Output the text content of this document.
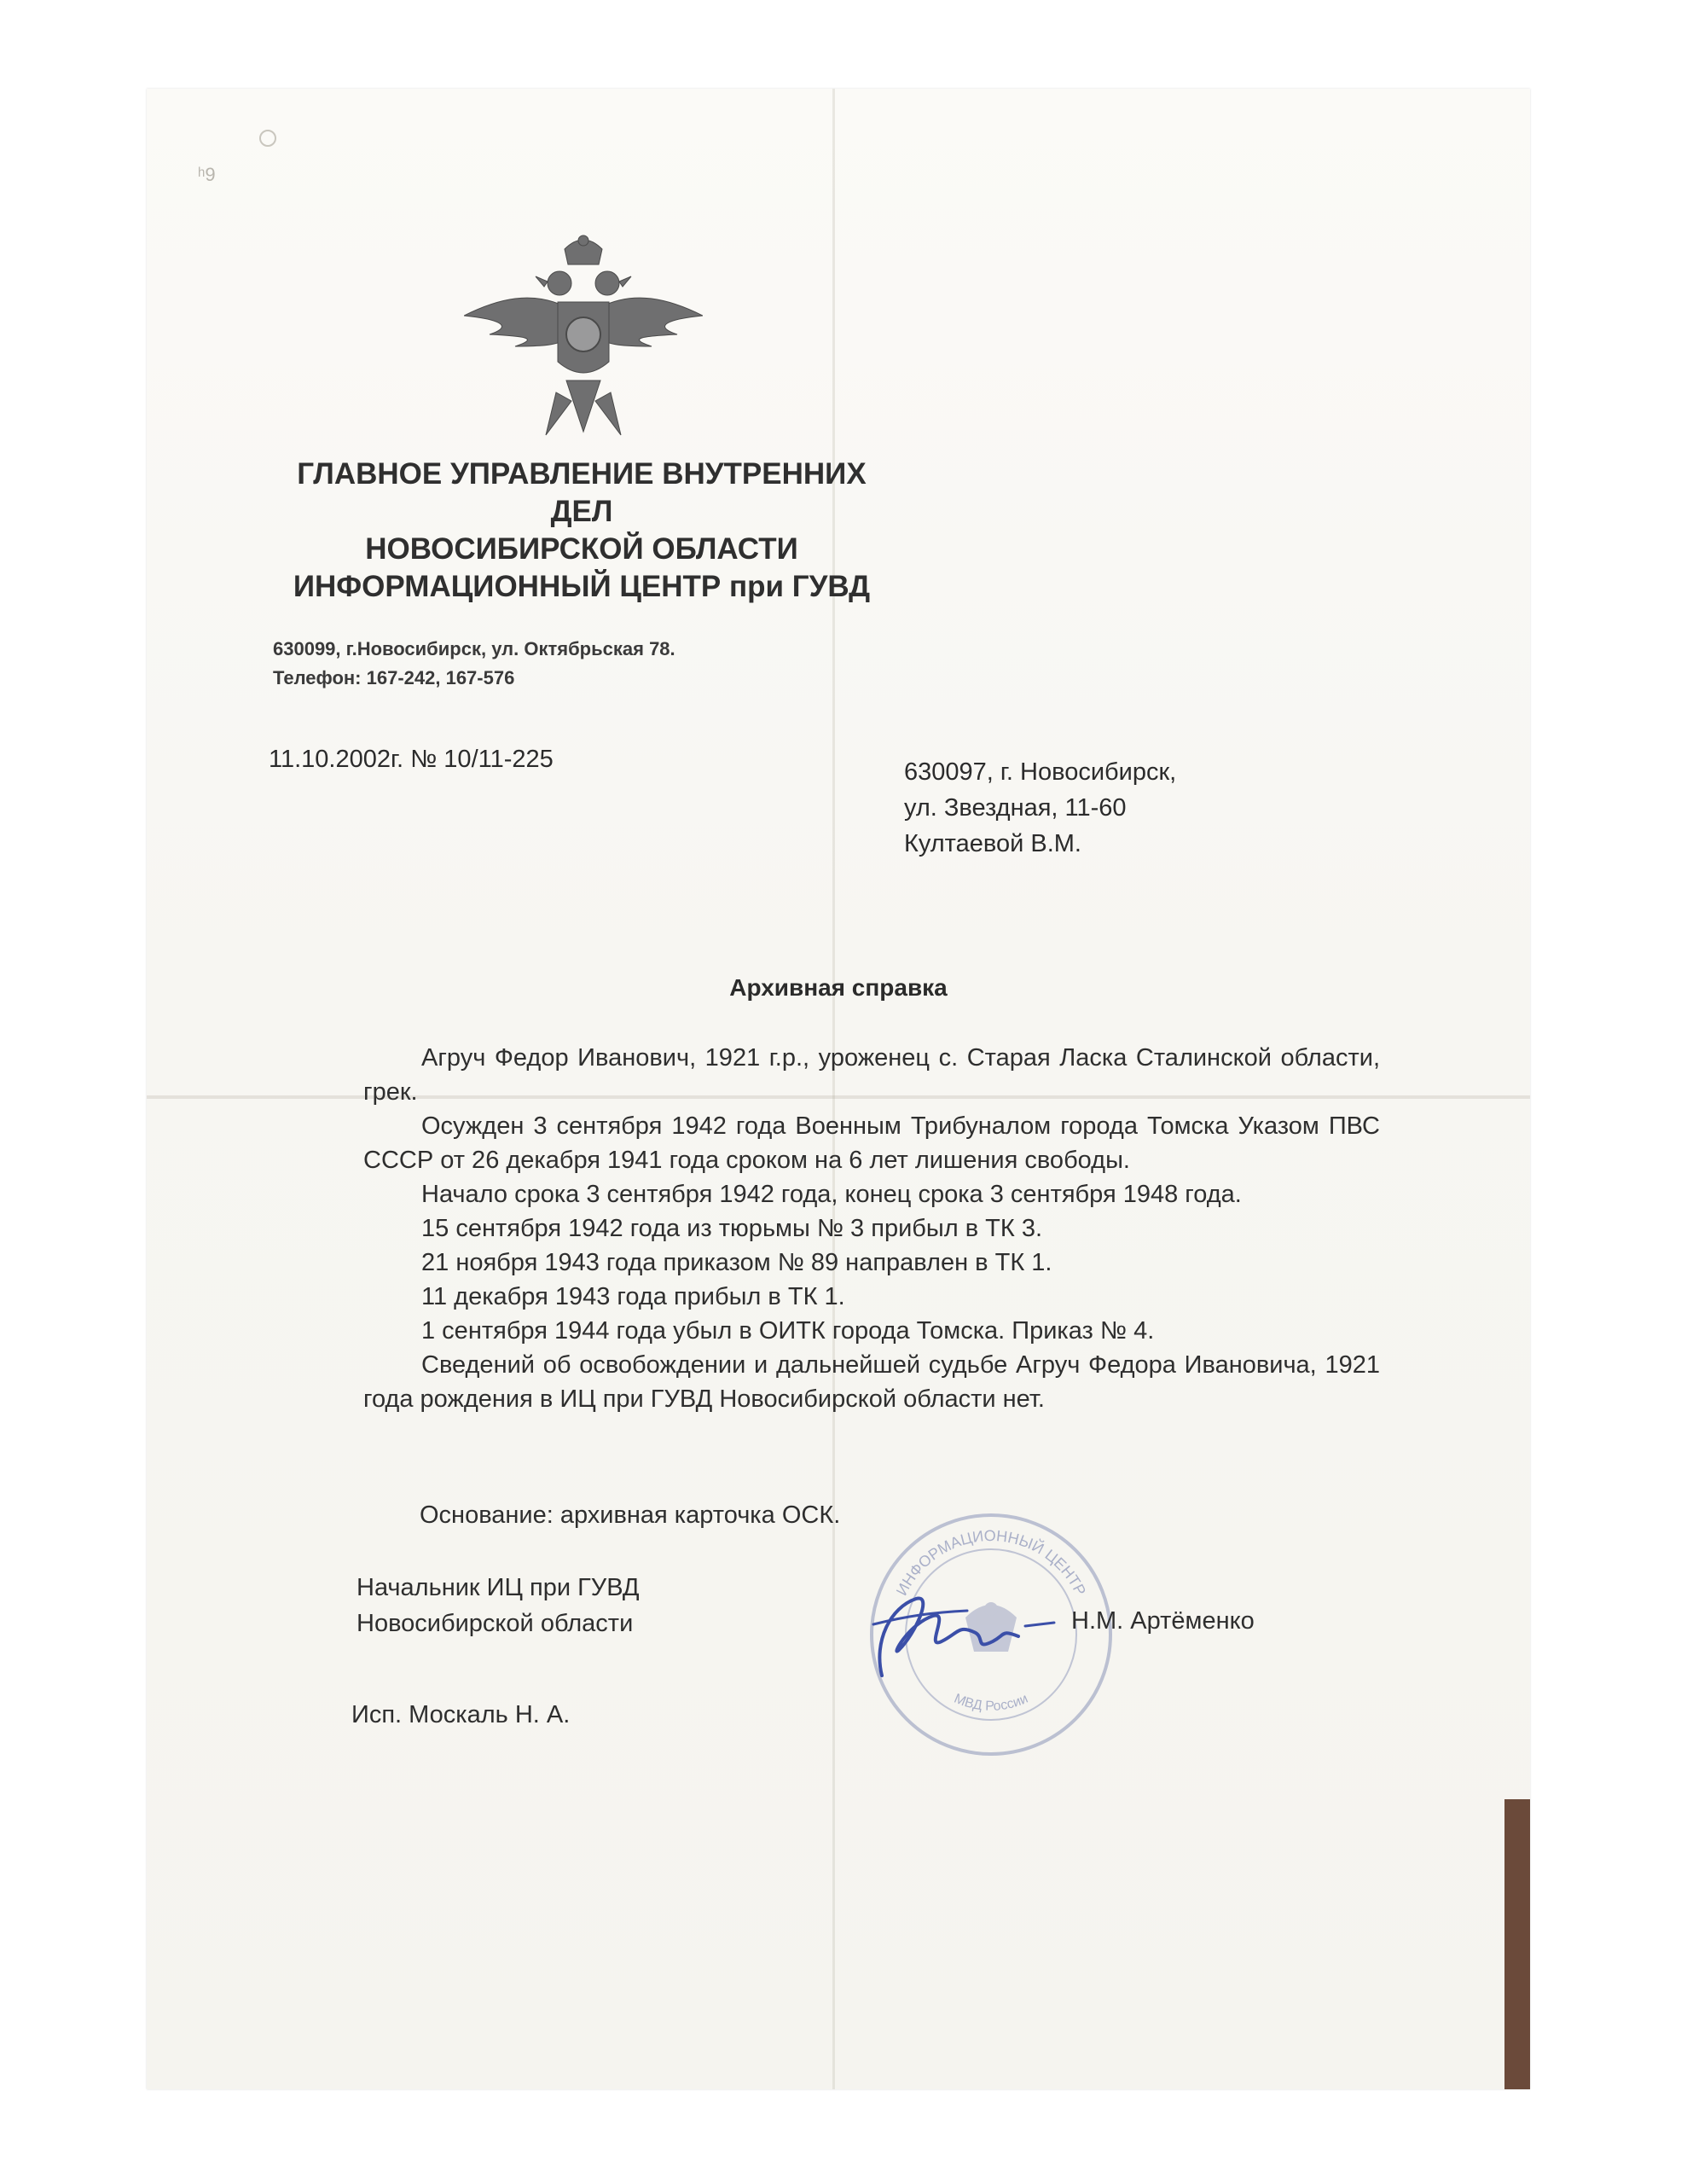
ʰ9
ГЛАВНОЕ УПРАВЛЕНИЕ ВНУТРЕННИХ
ДЕЛ
НОВОСИБИРСКОЙ ОБЛАСТИ
ИНФОРМАЦИОННЫЙ ЦЕНТР при ГУВД
630099, г.Новосибирск, ул. Октябрьская 78.
Телефон: 167-242, 167-576
11.10.2002г. № 10/11-225	630097, г. Новосибирск,
ул. Звездная, 11-60
Култаевой В.М.
Архивная справка

Агруч Федор Иванович, 1921 г.р., уроженец с. Старая Ласка Сталинской области, грек.

Осужден 3 сентября 1942 года Военным Трибуналом города Томска Указом ПВС СССР от 26 декабря 1941 года сроком на 6 лет лишения свободы.

Начало срока 3 сентября 1942 года, конец срока 3 сентября 1948 года.

15 сентября 1942 года из тюрьмы № 3 прибыл в ТК 3.

21 ноября 1943 года приказом № 89 направлен в ТК 1.

11 декабря 1943 года прибыл в ТК 1.

1 сентября 1944 года убыл в ОИТК города Томска. Приказ № 4.

Сведений об освобождении и дальнейшей судьбе Агруч Федора Ивановича, 1921 года рождения в ИЦ при ГУВД Новосибирской области нет.

Основание: архивная карточка ОСК.
Начальник ИЦ при ГУВД
Новосибирской области
ИНФОРМАЦИОННЫЙ ЦЕНТР
МВД России
Н.М. Артёменко
Исп. Москаль Н. А.
